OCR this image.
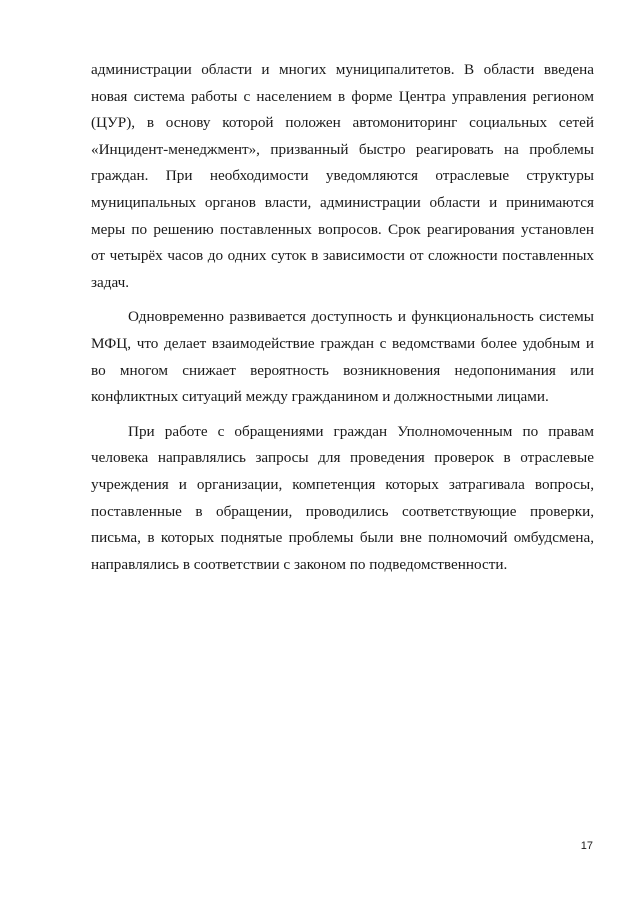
администрации области и многих муниципалитетов. В области введена новая система работы с населением в форме Центра управления регионом (ЦУР), в основу которой положен автомониторинг социальных сетей «Инцидент-менеджмент», призванный быстро реагировать на проблемы граждан. При необходимости уведомляются отраслевые структуры муниципальных органов власти, администрации области и принимаются меры по решению поставленных вопросов. Срок реагирования установлен от четырёх часов до одних суток в зависимости от сложности поставленных задач.

Одновременно развивается доступность и функциональность системы МФЦ, что делает взаимодействие граждан с ведомствами более удобным и во многом снижает вероятность возникновения недопонимания или конфликтных ситуаций между гражданином и должностными лицами.

При работе с обращениями граждан Уполномоченным по правам человека направлялись запросы для проведения проверок в отраслевые учреждения и организации, компетенция которых затрагивала вопросы, поставленные в обращении, проводились соответствующие проверки, письма, в которых поднятые проблемы были вне полномочий омбудсмена, направлялись в соответствии с законом по подведомственности.

17
